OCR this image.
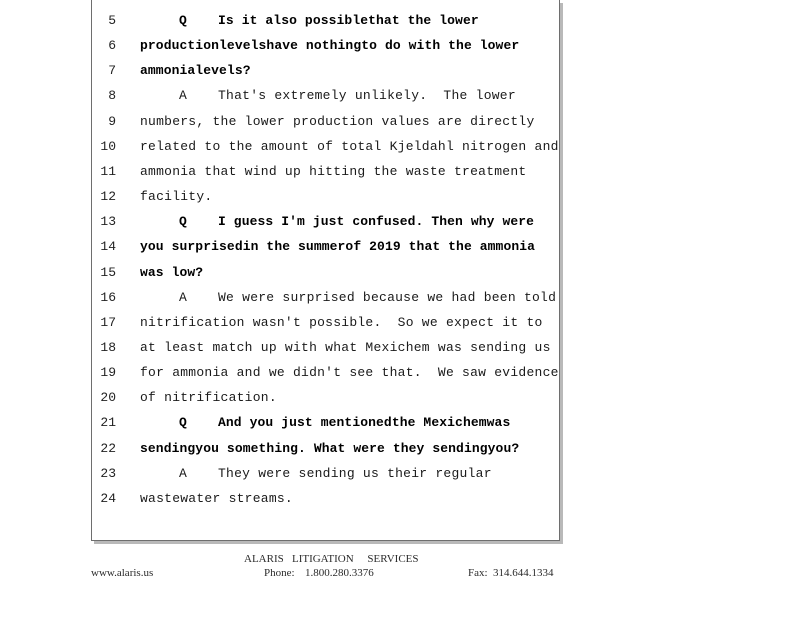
5	Q Is it also possiblethat the lower
6 productionlevelshave nothingto do with the lower
7 ammonialevels?
8	A That's extremely unlikely.  The lower
9 numbers, the lower production values are directly
10 related to the amount of total Kjeldahl nitrogen and
11 ammonia that wind up hitting the waste treatment
12 facility.
13	Q I guess I'm just confused. Then why were
14 you surprisedin the summerof 2019 that the ammonia
15 was low?
16	A We were surprised because we had been told
17 nitrification wasn't possible.  So we expect it to
18 at least match up with what Mexichem was sending us
19 for ammonia and we didn't see that.  We saw evidence
20 of nitrification.
21	Q And you just mentionedthe Mexichemwas
22 sendingyou something. What were they sendingyou?
23	A They were sending us their regular
24 wastewater streams.
ALARIS   LITIGATION     SERVICES
www.alaris.us	Phone: 1.800.280.3376	Fax: 314.644.1334
